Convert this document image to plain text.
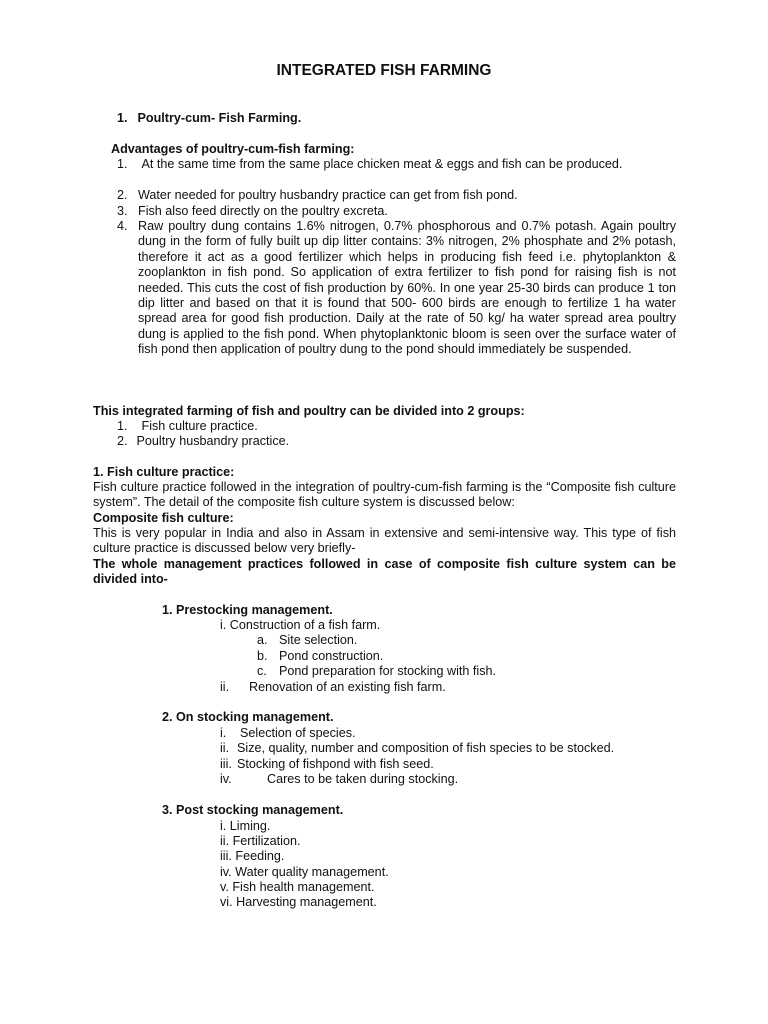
INTEGRATED FISH FARMING
1. Poultry-cum- Fish Farming.
Advantages of poultry-cum-fish farming:
1. At the same time from the same place chicken meat & eggs and fish can be produced.
2. Water needed for poultry husbandry practice can get from fish pond.
3. Fish also feed directly on the poultry excreta.
4. Raw poultry dung contains 1.6% nitrogen, 0.7% phosphorous and 0.7% potash. Again poultry dung in the form of fully built up dip litter contains: 3% nitrogen, 2% phosphate and 2% potash, therefore it act as a good fertilizer which helps in producing fish feed i.e. phytoplankton & zooplankton in fish pond. So application of extra fertilizer to fish pond for raising fish is not needed. This cuts the cost of fish production by 60%. In one year 25-30 birds can produce 1 ton dip litter and based on that it is found that 500- 600 birds are enough to fertilize 1 ha water spread area for good fish production. Daily at the rate of 50 kg/ ha water spread area poultry dung is applied to the fish pond. When phytoplanktonic bloom is seen over the surface water of fish pond then application of poultry dung to the pond should immediately be suspended.
This integrated farming of fish and poultry can be divided into 2 groups:
1. Fish culture practice.
2. Poultry husbandry practice.
1. Fish culture practice:
Fish culture practice followed in the integration of poultry-cum-fish farming is the “Composite fish culture system”. The detail of the composite fish culture system is discussed below:
Composite fish culture:
This is very popular in India and also in Assam in extensive and semi-intensive way. This type of fish culture practice is discussed below very briefly-
The whole management practices followed in case of composite fish culture system can be divided into-
1. Prestocking management.
i. Construction of a fish farm.
a. Site selection.
b. Pond construction.
c. Pond preparation for stocking with fish.
ii. Renovation of an existing fish farm.
2. On stocking management.
i. Selection of species.
ii. Size, quality, number and composition of fish species to be stocked.
iii. Stocking of fishpond with fish seed.
iv.	Cares to be taken during stocking.
3. Post stocking management.
i. Liming.
ii. Fertilization.
iii. Feeding.
iv. Water quality management.
v. Fish health management.
vi. Harvesting management.
